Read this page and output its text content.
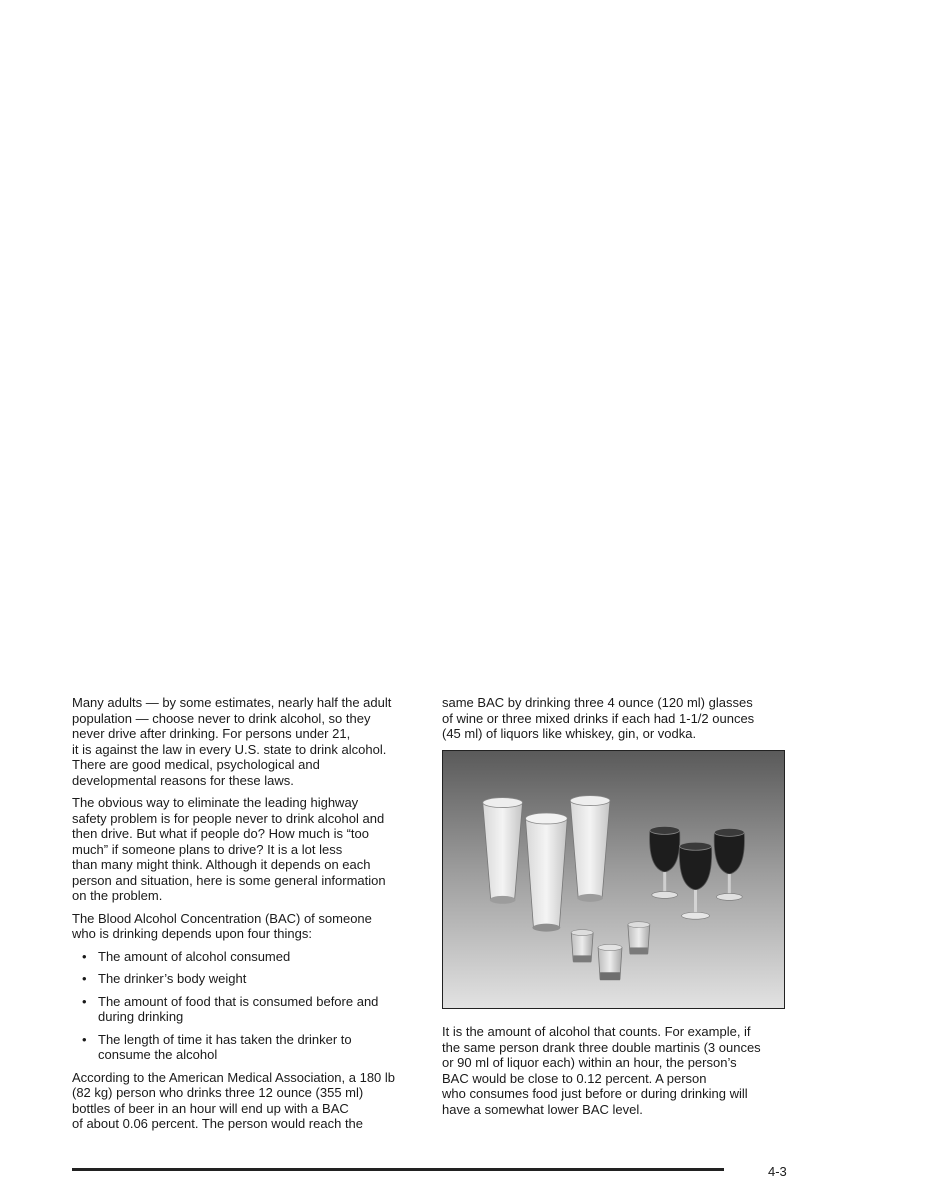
Many adults — by some estimates, nearly half the adult
population — choose never to drink alcohol, so they
never drive after drinking. For persons under 21,
it is against the law in every U.S. state to drink alcohol.
There are good medical, psychological and
developmental reasons for these laws.

The obvious way to eliminate the leading highway
safety problem is for people never to drink alcohol and
then drive. But what if people do? How much is “too
much” if someone plans to drive? It is a lot less
than many might think. Although it depends on each
person and situation, here is some general information
on the problem.

The Blood Alcohol Concentration (BAC) of someone
who is drinking depends upon four things:

• The amount of alcohol consumed
• The drinker’s body weight
• The amount of food that is consumed before and
during drinking
• The length of time it has taken the drinker to
consume the alcohol

According to the American Medical Association, a 180 lb
(82 kg) person who drinks three 12 ounce (355 ml)
bottles of beer in an hour will end up with a BAC
of about 0.06 percent. The person would reach the

same BAC by drinking three 4 ounce (120 ml) glasses
of wine or three mixed drinks if each had 1-1/2 ounces
(45 ml) of liquors like whiskey, gin, or vodka.

It is the amount of alcohol that counts. For example, if
the same person drank three double martinis (3 ounces
or 90 ml of liquor each) within an hour, the person’s
BAC would be close to 0.12 percent. A person
who consumes food just before or during drinking will
have a somewhat lower BAC level.

4-3
